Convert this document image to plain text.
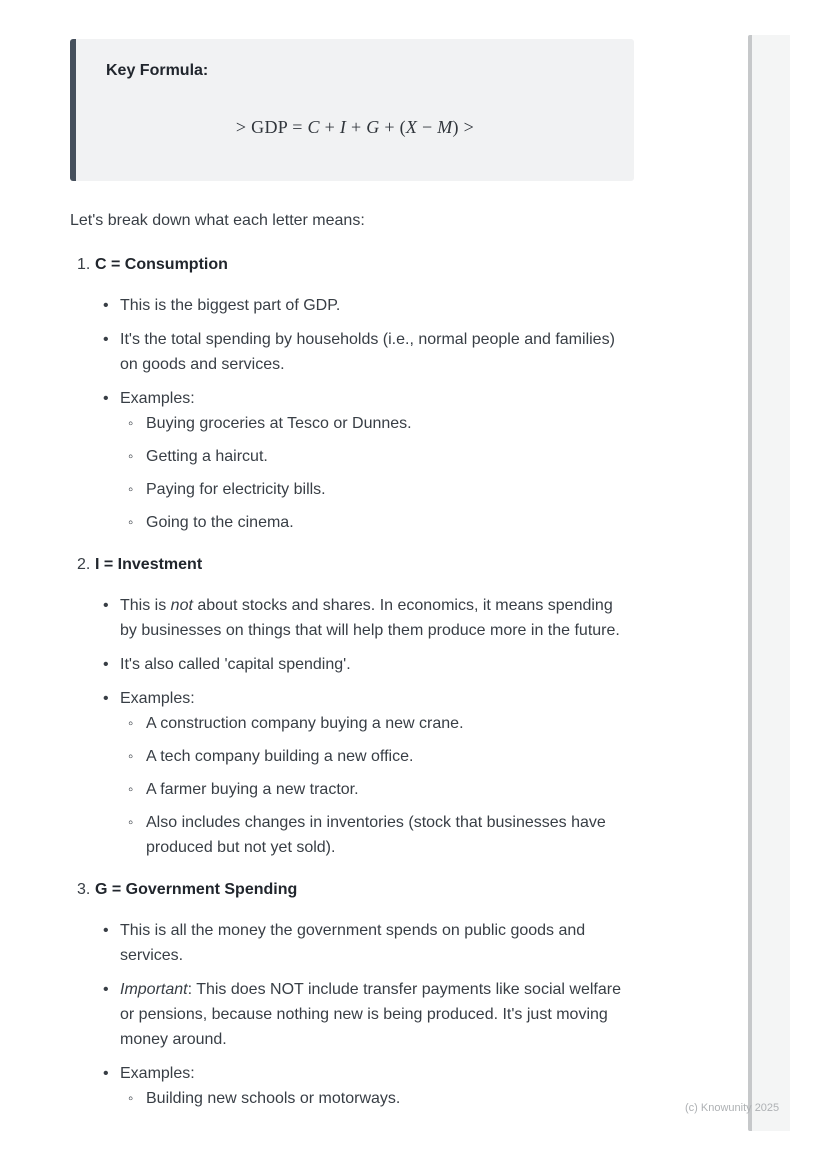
Key Formula:
> GDP = C + I + G + (X − M) >

Let's break down what each letter means:

1. C = Consumption
• This is the biggest part of GDP.
• It's the total spending by households (i.e., normal people and families) on goods and services.
• Examples:
◦ Buying groceries at Tesco or Dunnes.
◦ Getting a haircut.
◦ Paying for electricity bills.
◦ Going to the cinema.
2. I = Investment
• This is not about stocks and shares. In economics, it means spending by businesses on things that will help them produce more in the future.
• It's also called 'capital spending'.
• Examples:
◦ A construction company buying a new crane.
◦ A tech company building a new office.
◦ A farmer buying a new tractor.
◦ Also includes changes in inventories (stock that businesses have produced but not yet sold).
3. G = Government Spending
• This is all the money the government spends on public goods and services.
• Important: This does NOT include transfer payments like social welfare or pensions, because nothing new is being produced. It's just moving money around.
• Examples:
◦ Building new schools or motorways.
(c) Knowunity 2025
